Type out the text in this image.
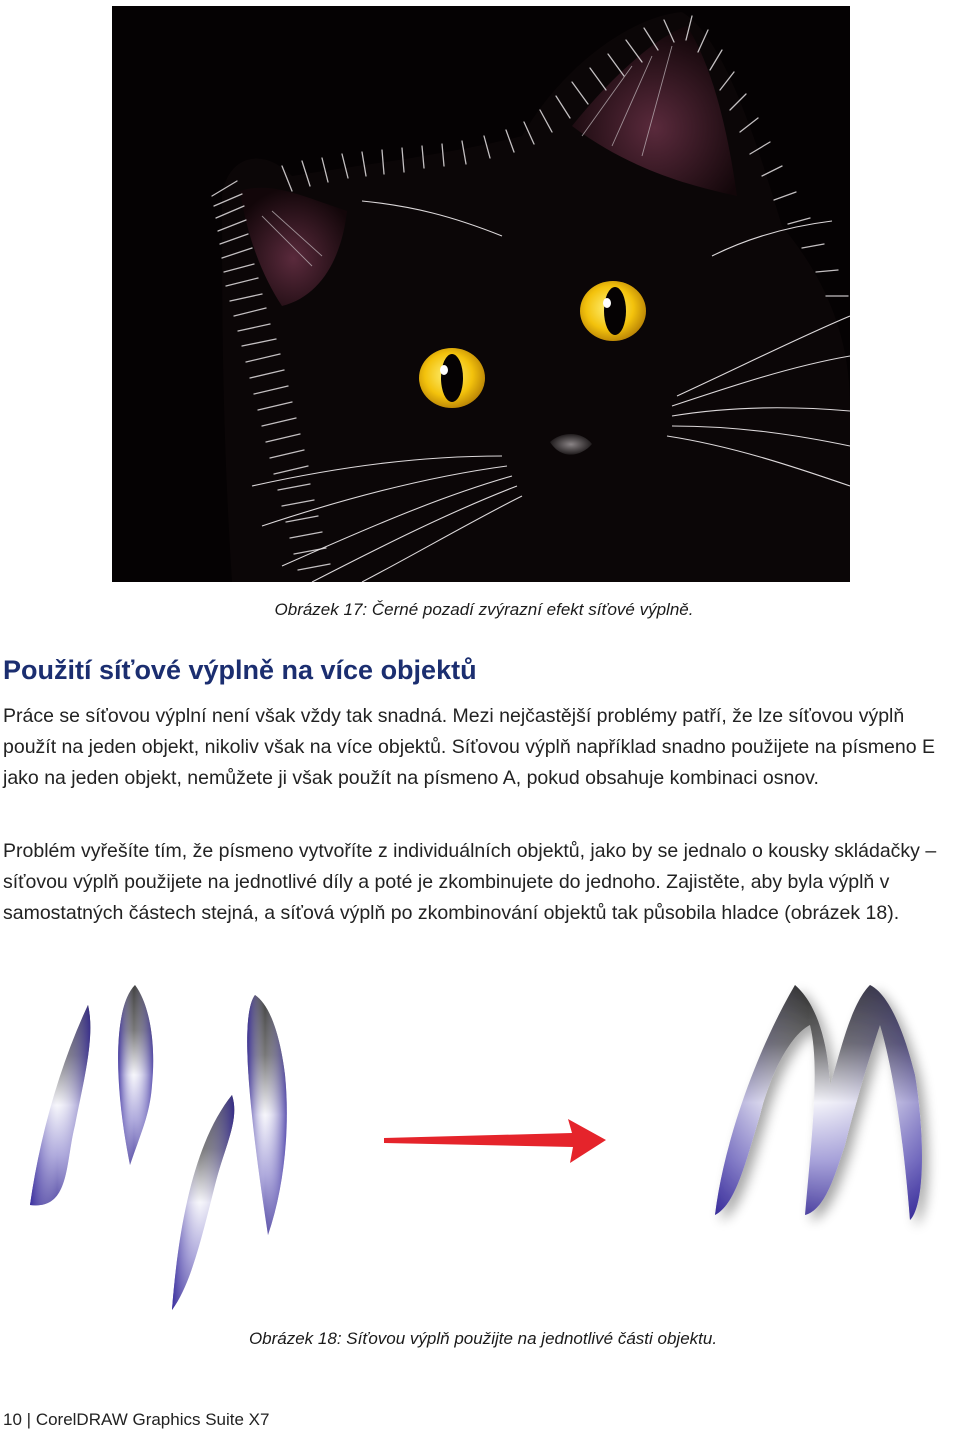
Obrázek 17: Černé pozadí zvýrazní efekt síťové výplně.
Použití síťové výplně na více objektů

Práce se síťovou výplní není však vždy tak snadná. Mezi nejčastější problémy patří, že lze síťovou výplň použít na jeden objekt, nikoliv však na více objektů. Síťovou výplň například snadno použijete na písmeno E jako na jeden objekt, nemůžete ji však použít na písmeno A, pokud obsahuje kombinaci osnov.

Problém vyřešíte tím, že písmeno vytvoříte z individuálních objektů, jako by se jednalo o kousky skládačky – síťovou výplň použijete na jednotlivé díly a poté je zkombinujete do jednoho. Zajistěte, aby byla výplň v samostatných částech stejná, a síťová výplň po zkombinování objektů tak působila hladce (obrázek 18).

Obrázek 18: Síťovou výplň použijte na jednotlivé části objektu.
10 | CorelDRAW Graphics Suite X7
